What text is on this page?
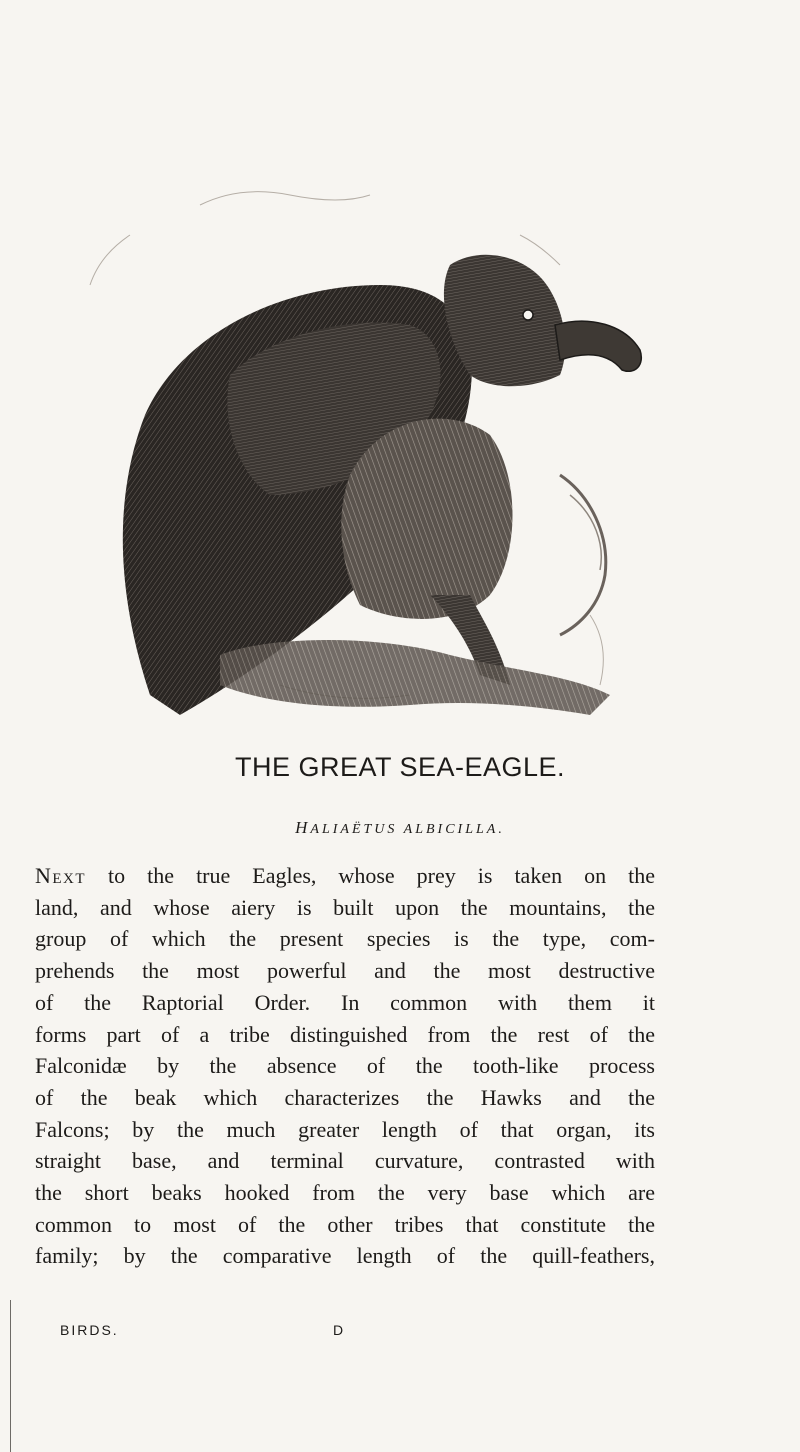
THE GREAT SEA-EAGLE.
HALIAËTUS ALBICILLA.
Next to the true Eagles, whose prey is taken on the
land, and whose aiery is built upon the mountains, the
group of which the present species is the type, com-
prehends the most powerful and the most destructive
of the Raptorial Order. In common with them it
forms part of a tribe distinguished from the rest of the
Falconidæ by the absence of the tooth-like process
of the beak which characterizes the Hawks and the
Falcons; by the much greater length of that organ, its
straight base, and terminal curvature, contrasted with
the short beaks hooked from the very base which are
common to most of the other tribes that constitute the
family; by the comparative length of the quill-feathers,
BIRDS.	D
